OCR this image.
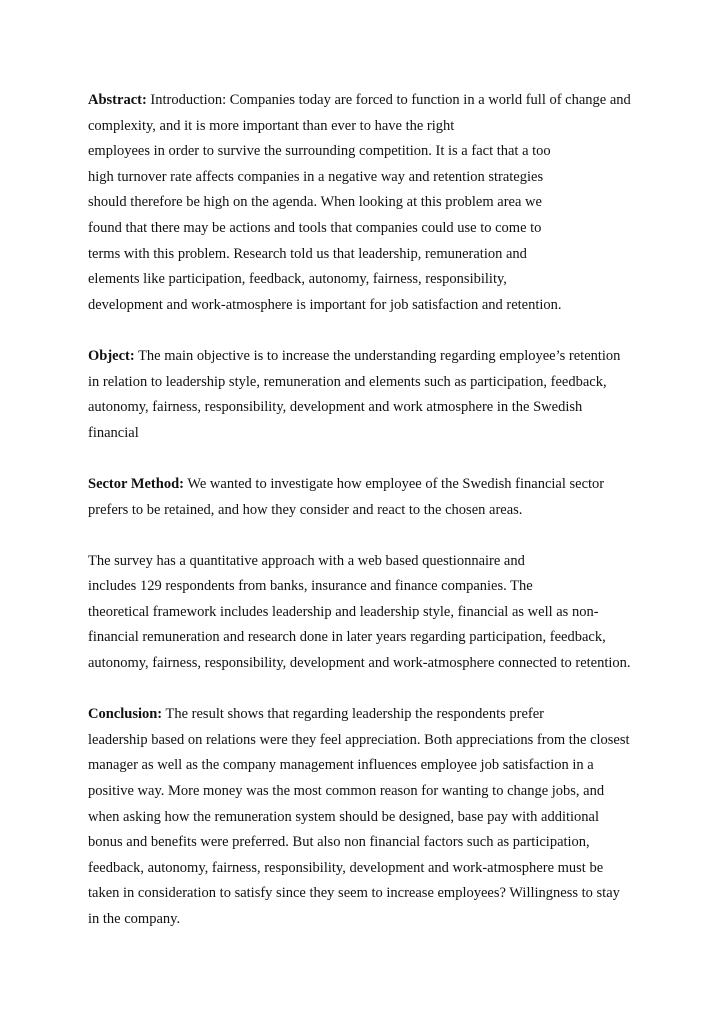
Abstract: Introduction: Companies today are forced to function in a world full of change and

complexity, and it is more important than ever to have the right

employees in order to survive the surrounding competition. It is a fact that a too

high turnover rate affects companies in a negative way and retention strategies

should therefore be high on the agenda. When looking at this problem area we

found that there may be actions and tools that companies could use to come to

terms with this problem. Research told us that leadership, remuneration and

elements like participation, feedback, autonomy, fairness, responsibility,

development and work-atmosphere is important for job satisfaction and retention.

Object: The main objective is to increase the understanding regarding employee’s retention

in relation to leadership style, remuneration and elements such as participation, feedback,

autonomy, fairness, responsibility, development and work atmosphere in the Swedish

financial

Sector Method: We wanted to investigate how employee of the Swedish financial sector

prefers to be retained, and how they consider and react to the chosen areas.

The survey has a quantitative approach with a web based questionnaire and

includes 129 respondents from banks, insurance and finance companies. The

theoretical framework includes leadership and leadership style, financial as well as non-

financial remuneration and research done in later years regarding participation, feedback,

autonomy, fairness, responsibility, development and work-atmosphere connected to retention.

Conclusion: The result shows that regarding leadership the respondents prefer

leadership based on relations were they feel appreciation. Both appreciations from the closest

manager as well as the company management influences employee job satisfaction in a

positive way. More money was the most common reason for wanting to change jobs, and

when asking how the remuneration system should be designed, base pay with additional

bonus and benefits were preferred. But also non financial factors such as participation,

feedback, autonomy, fairness, responsibility, development and work-atmosphere must be

taken in consideration to satisfy since they seem to increase employees? Willingness to stay

in the company.
